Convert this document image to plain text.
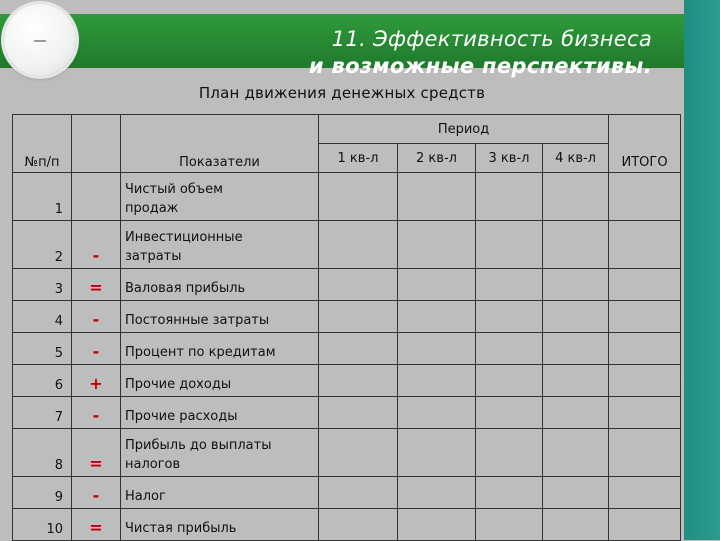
11. Эффективность бизнеса
и возможные перспективы.
План движения денежных средств
№п/п		Показатели	Период				ИТОГО
			1 кв-л	2 кв-л	3 кв-л	4 кв-л	
1		Чистый объем
продаж					

2	-	Инвестиционные
затраты					

3	=	Валовая прибыль					

4	-	Постоянные затраты					

5	-	Процент по кредитам					

6	+	Прочие доходы					

7	-	Прочие расходы					

8	=	Прибыль до выплаты
налогов					

9	-	Налог					

10	=	Чистая прибыль					
